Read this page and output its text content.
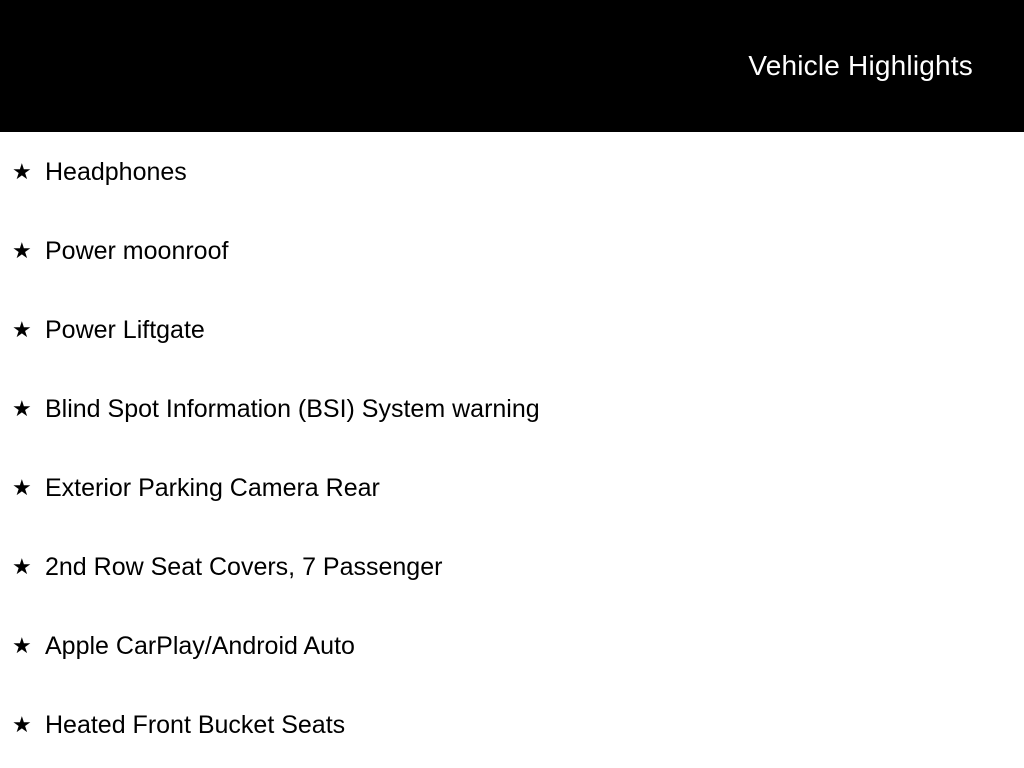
Vehicle Highlights
★ Headphones
★ Power moonroof
★ Power Liftgate
★ Blind Spot Information (BSI) System warning
★ Exterior Parking Camera Rear
★ 2nd Row Seat Covers, 7 Passenger
★ Apple CarPlay/Android Auto
★ Heated Front Bucket Seats
